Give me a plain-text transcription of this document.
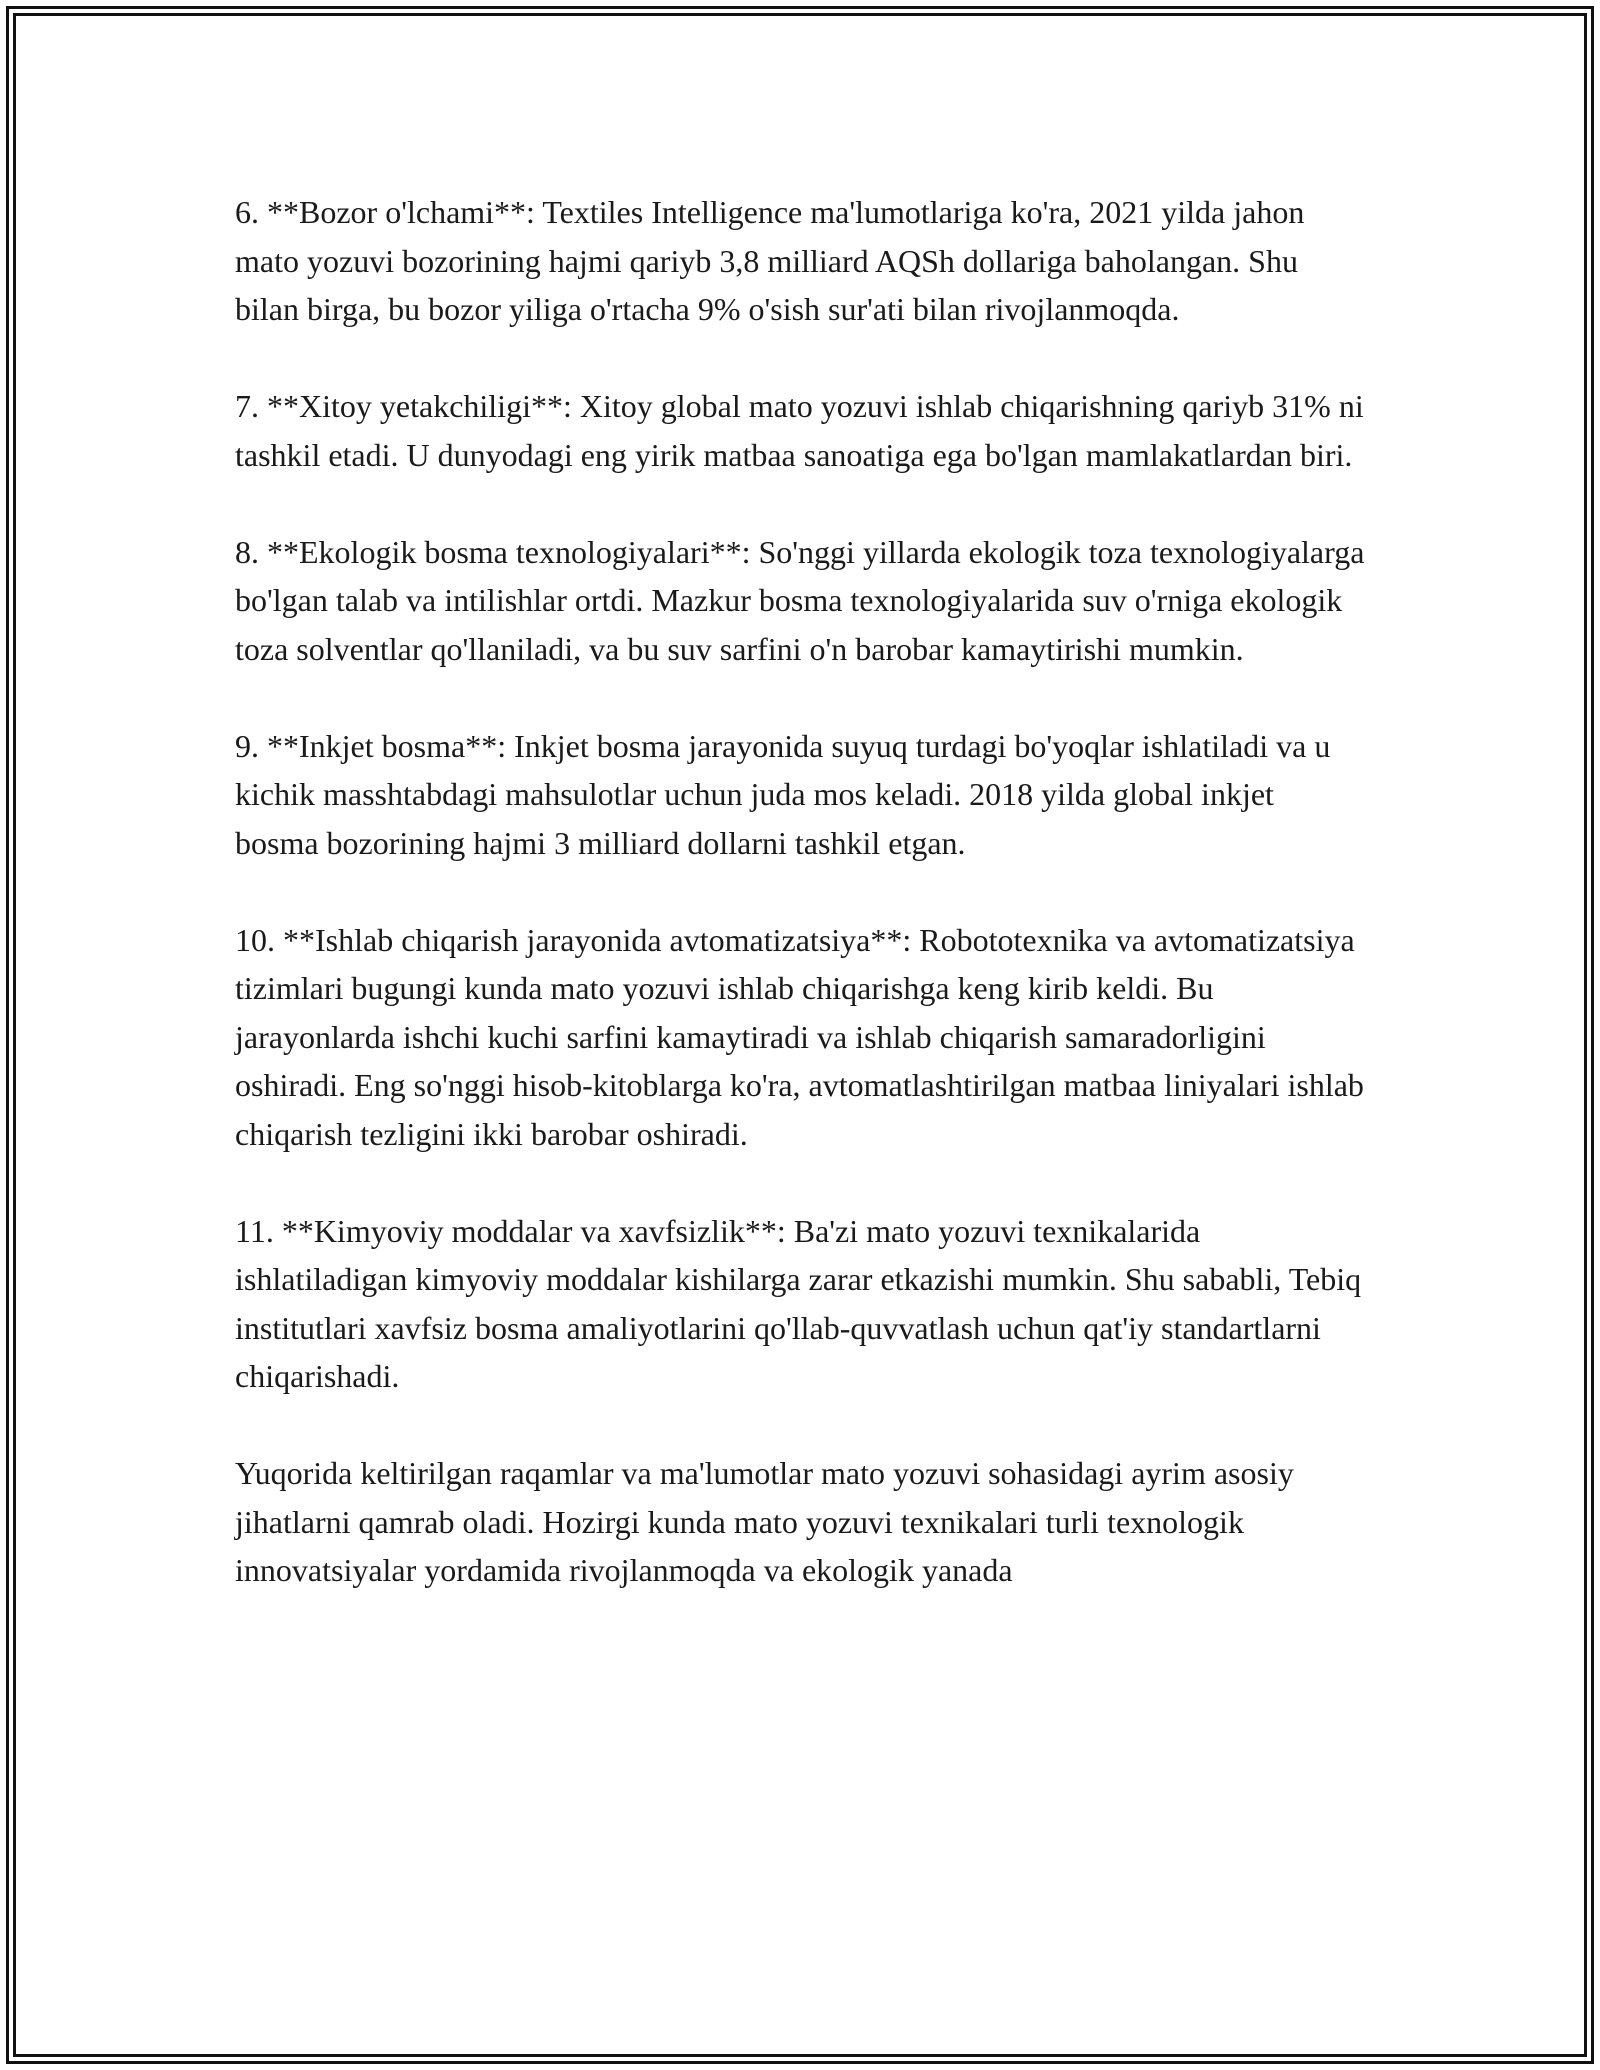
6. **Bozor o'lchami**: Textiles Intelligence ma'lumotlariga ko'ra, 2021 yilda jahon mato yozuvi bozorining hajmi qariyb 3,8 milliard AQSh dollariga baholangan. Shu bilan birga, bu bozor yiliga o'rtacha 9% o'sish sur'ati bilan rivojlanmoqda.

7. **Xitoy yetakchiligi**: Xitoy global mato yozuvi ishlab chiqarishning qariyb 31% ni tashkil etadi. U dunyodagi eng yirik matbaa sanoatiga ega bo'lgan mamlakatlardan biri.

8. **Ekologik bosma texnologiyalari**: So'nggi yillarda ekologik toza texnologiyalarga bo'lgan talab va intilishlar ortdi. Mazkur bosma texnologiyalarida suv o'rniga ekologik toza solventlar qo'llaniladi, va bu suv sarfini o'n barobar kamaytirishi mumkin.

9. **Inkjet bosma**: Inkjet bosma jarayonida suyuq turdagi bo'yoqlar ishlatiladi va u kichik masshtabdagi mahsulotlar uchun juda mos keladi. 2018 yilda global inkjet bosma bozorining hajmi 3 milliard dollarni tashkil etgan.

10. **Ishlab chiqarish jarayonida avtomatizatsiya**: Robototexnika va avtomatizatsiya tizimlari bugungi kunda mato yozuvi ishlab chiqarishga keng kirib keldi. Bu jarayonlarda ishchi kuchi sarfini kamaytiradi va ishlab chiqarish samaradorligini oshiradi. Eng so'nggi hisob-kitoblarga ko'ra, avtomatlashtirilgan matbaa liniyalari ishlab chiqarish tezligini ikki barobar oshiradi.

11. **Kimyoviy moddalar va xavfsizlik**: Ba'zi mato yozuvi texnikalarida ishlatiladigan kimyoviy moddalar kishilarga zarar etkazishi mumkin. Shu sababli, Tebiq institutlari xavfsiz bosma amaliyotlarini qo'llab-quvvatlash uchun qat'iy standartlarni chiqarishadi.

Yuqorida keltirilgan raqamlar va ma'lumotlar mato yozuvi sohasidagi ayrim asosiy jihatlarni qamrab oladi. Hozirgi kunda mato yozuvi texnikalari turli texnologik innovatsiyalar yordamida rivojlanmoqda va ekologik yanada
